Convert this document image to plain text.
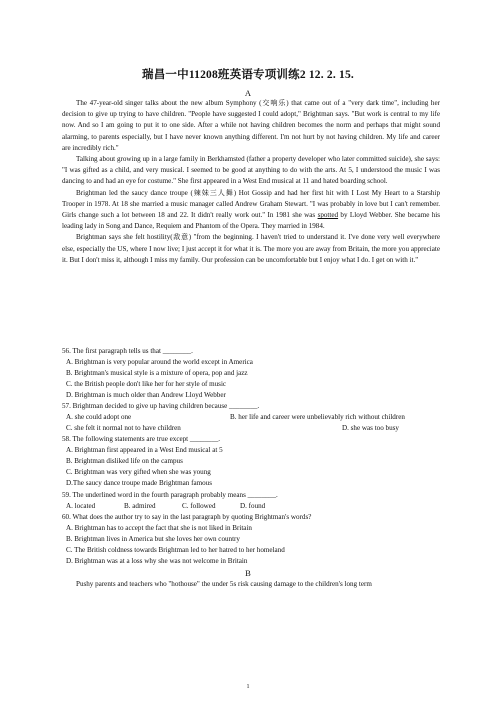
瑞昌一中11208班英语专项训练2 12. 2. 15.
A

The 47-year-old singer talks about the new album Symphony (交响乐) that came out of a "very dark time", including her decision to give up trying to have children. "People have suggested I could adopt," Brightman says. "But work is central to my life now. And so I am going to put it to one side. After a while not having children becomes the norm and perhaps that might sound alarming, to parents especially, but I have never known anything different. I'm not hurt by not having children. My life and career are incredibly rich."

Talking about growing up in a large family in Berkhamsted (father a property developer who later committed suicide), she says: "I was gifted as a child, and very musical. I seemed to be good at anything to do with the arts. At 5, I understood the music I was dancing to and had an eye for costume." She first appeared in a West End musical at 11 and hated boarding school.

Brightman led the saucy dance troupe (辣妹三人舞) Hot Gossip and had her first hit with I Lost My Heart to a Starship Trooper in 1978. At 18 she married a music manager called Andrew Graham Stewart. "I was probably in love but I can't remember. Girls change such a lot between 18 and 22. It didn't really work out." In 1981 she was spotted by Lloyd Webber. She became his leading lady in Song and Dance, Requiem and Phantom of the Opera. They married in 1984.

Brightman says she felt hostility(敌意) "from the beginning. I haven't tried to understand it. I've done very well everywhere else, especially the US, where I now live; I just accept it for what it is. The more you are away from Britain, the more you appreciate it. But I don't miss it, although I miss my family. Our profession can be uncomfortable but I enjoy what I do. I get on with it."

56. The first paragraph tells us that ________.

A. Brightman is very popular around the world except in America

B. Brightman's musical style is a mixture of opera, pop and jazz

C. the British people don't like her for her style of music

D. Brightman is much older than Andrew Lloyd Webber

57. Brightman decided to give up having children because ________.

A. she could adopt one	B. her life and career were unbelievably rich without children
C. she felt it normal not to have children	D. she was too busy

58. The following statements are true except ________.

A. Brightman first appeared in a West End musical at 5

B. Brightman disliked life on the campus

C. Brightman was very gifted when she was young

D.The saucy dance troupe made Brightman famous

59. The underlined word in the fourth paragraph probably means ________.

A. located	B. admired	C. followed	D. found

60. What does the author try to say in the last paragraph by quoting Brightman's words?

A. Brightman has to accept the fact that she is not liked in Britain

B. Brightman lives in America but she loves her own country

C. The British coldness towards Brightman led to her hatred to her homeland

D. Brightman was at a loss why she was not welcome in Britain

B

Pushy parents and teachers who "hothouse" the under 5s risk causing damage to the children's long term

1
